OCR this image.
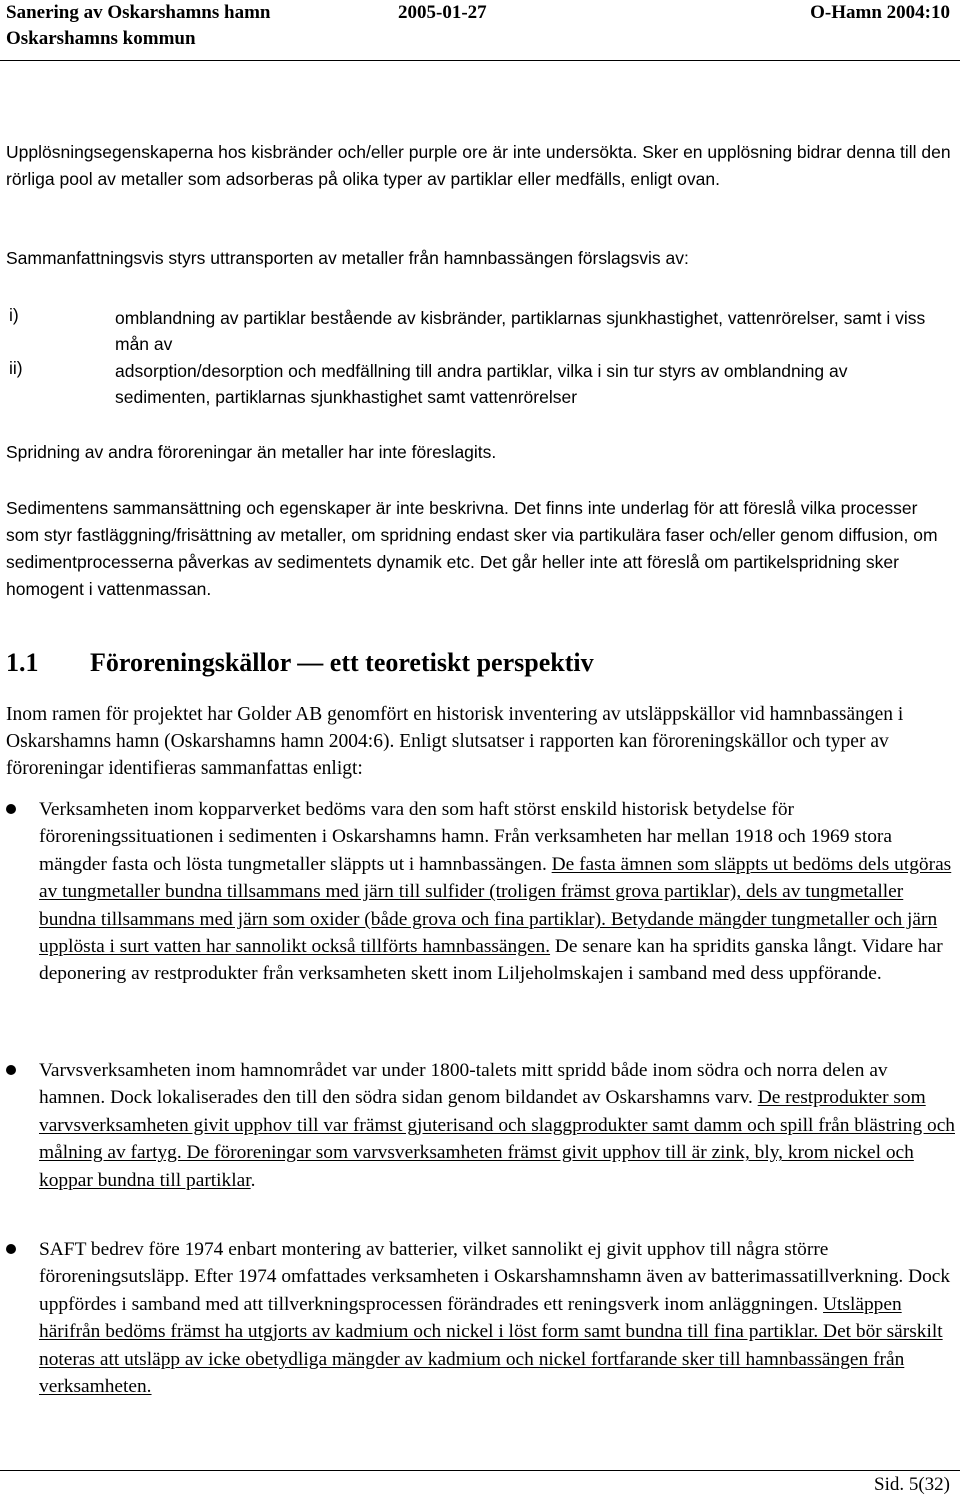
Sanering av Oskarshamns hamn	2005-01-27	O-Hamn 2004:10
Oskarshamns kommun

Upplösningsegenskaperna hos kisbränder och/eller purple ore är inte undersökta. Sker en upplösning bidrar denna till den rörliga pool av metaller som adsorberas på olika typer av partiklar eller medfälls, enligt ovan.

Sammanfattningsvis styrs uttransporten av metaller från hamnbassängen förslagsvis av:

i)	omblandning av partiklar bestående av kisbränder, partiklarnas sjunkhastighet, vattenrörelser, samt i viss mån av
ii)	adsorption/desorption och medfällning till andra partiklar, vilka i sin tur styrs av omblandning av sedimenten, partiklarnas sjunkhastighet samt vattenrörelser

Spridning av andra föroreningar än metaller har inte föreslagits.

Sedimentens sammansättning och egenskaper är inte beskrivna. Det finns inte underlag för att föreslå vilka processer som styr fastläggning/frisättning av metaller, om spridning endast sker via partikulära faser och/eller genom diffusion, om sedimentprocesserna påverkas av sedimentets dynamik etc. Det går heller inte att föreslå om partikelspridning sker homogent i vattenmassan.

1.1 Föroreningskällor — ett teoretiskt perspektiv

Inom ramen för projektet har Golder AB genomfört en historisk inventering av utsläppskällor vid hamnbassängen i Oskarshamns hamn (Oskarshamns hamn 2004:6). Enligt slutsatser i rapporten kan föroreningskällor och typer av föroreningar identifieras sammanfattas enligt:

Verksamheten inom kopparverket bedöms vara den som haft störst enskild historisk betydelse för föroreningssituationen i sedimenten i Oskarshamns hamn. Från verksamheten har mellan 1918 och 1969 stora mängder fasta och lösta tungmetaller släppts ut i hamnbassängen. De fasta ämnen som släppts ut bedöms dels utgöras av tungmetaller bundna tillsammans med järn till sulfider (troligen främst grova partiklar), dels av tungmetaller bundna tillsammans med järn som oxider (både grova och fina partiklar). Betydande mängder tungmetaller och järn upplösta i surt vatten har sannolikt också tillförts hamnbassängen. De senare kan ha spridits ganska långt. Vidare har deponering av restprodukter från verksamheten skett inom Liljeholmskajen i samband med dess uppförande.
Varvsverksamheten inom hamnområdet var under 1800-talets mitt spridd både inom södra och norra delen av hamnen. Dock lokaliserades den till den södra sidan genom bildandet av Oskarshamns varv. De restprodukter som varvsverksamheten givit upphov till var främst gjuterisand och slaggprodukter samt damm och spill från blästring och målning av fartyg. De föroreningar som varvsverksamheten främst givit upphov till är zink, bly, krom nickel och koppar bundna till partiklar.
SAFT bedrev före 1974 enbart montering av batterier, vilket sannolikt ej givit upphov till några större föroreningsutsläpp. Efter 1974 omfattades verksamheten i Oskarshamnshamn även av batterimassatillverkning. Dock uppfördes i samband med att tillverkningsprocessen förändrades ett reningsverk inom anläggningen. Utsläppen härifrån bedöms främst ha utgjorts av kadmium och nickel i löst form samt bundna till fina partiklar. Det bör särskilt noteras att utsläpp av icke obetydliga mängder av kadmium och nickel fortfarande sker till hamnbassängen från verksamheten.
Sid. 5(32)
